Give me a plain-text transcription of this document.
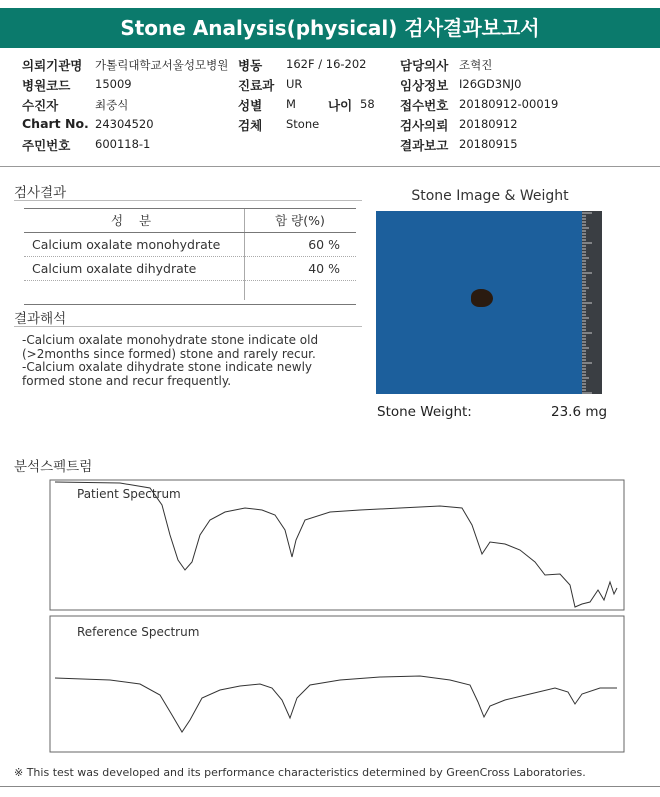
Stone Analysis(physical) 검사결과보고서
의뢰기관명 가톨릭대학교서울성모병원 병동 162F / 16-202	담당의사 조혁진
병원코드 15009	진료과 UR	임상정보 I26GD3NJ0
수진자	최중식	성별 M	나이 58 접수번호 20180912-00019
Chart No. 24304520	검체 Stone	검사의뢰 20180912
주민번호 600118-1	결과보고 20180915
검사결과
성 분	함 량(%)
Calcium oxalate monohydrate	60 %
Calcium oxalate dihydrate	40 %
결과해석
-Calcium oxalate monohydrate stone indicate old
(>2months since formed) stone and rarely recur.
-Calcium oxalate dihydrate stone indicate newly
formed stone and recur frequently.
Stone Image & Weight
Stone Weight:	23.6 mg
분석스펙트럼
Patient Spectrum
Reference Spectrum
※ This test was developed and its performance characteristics determined by GreenCross Laboratories.
